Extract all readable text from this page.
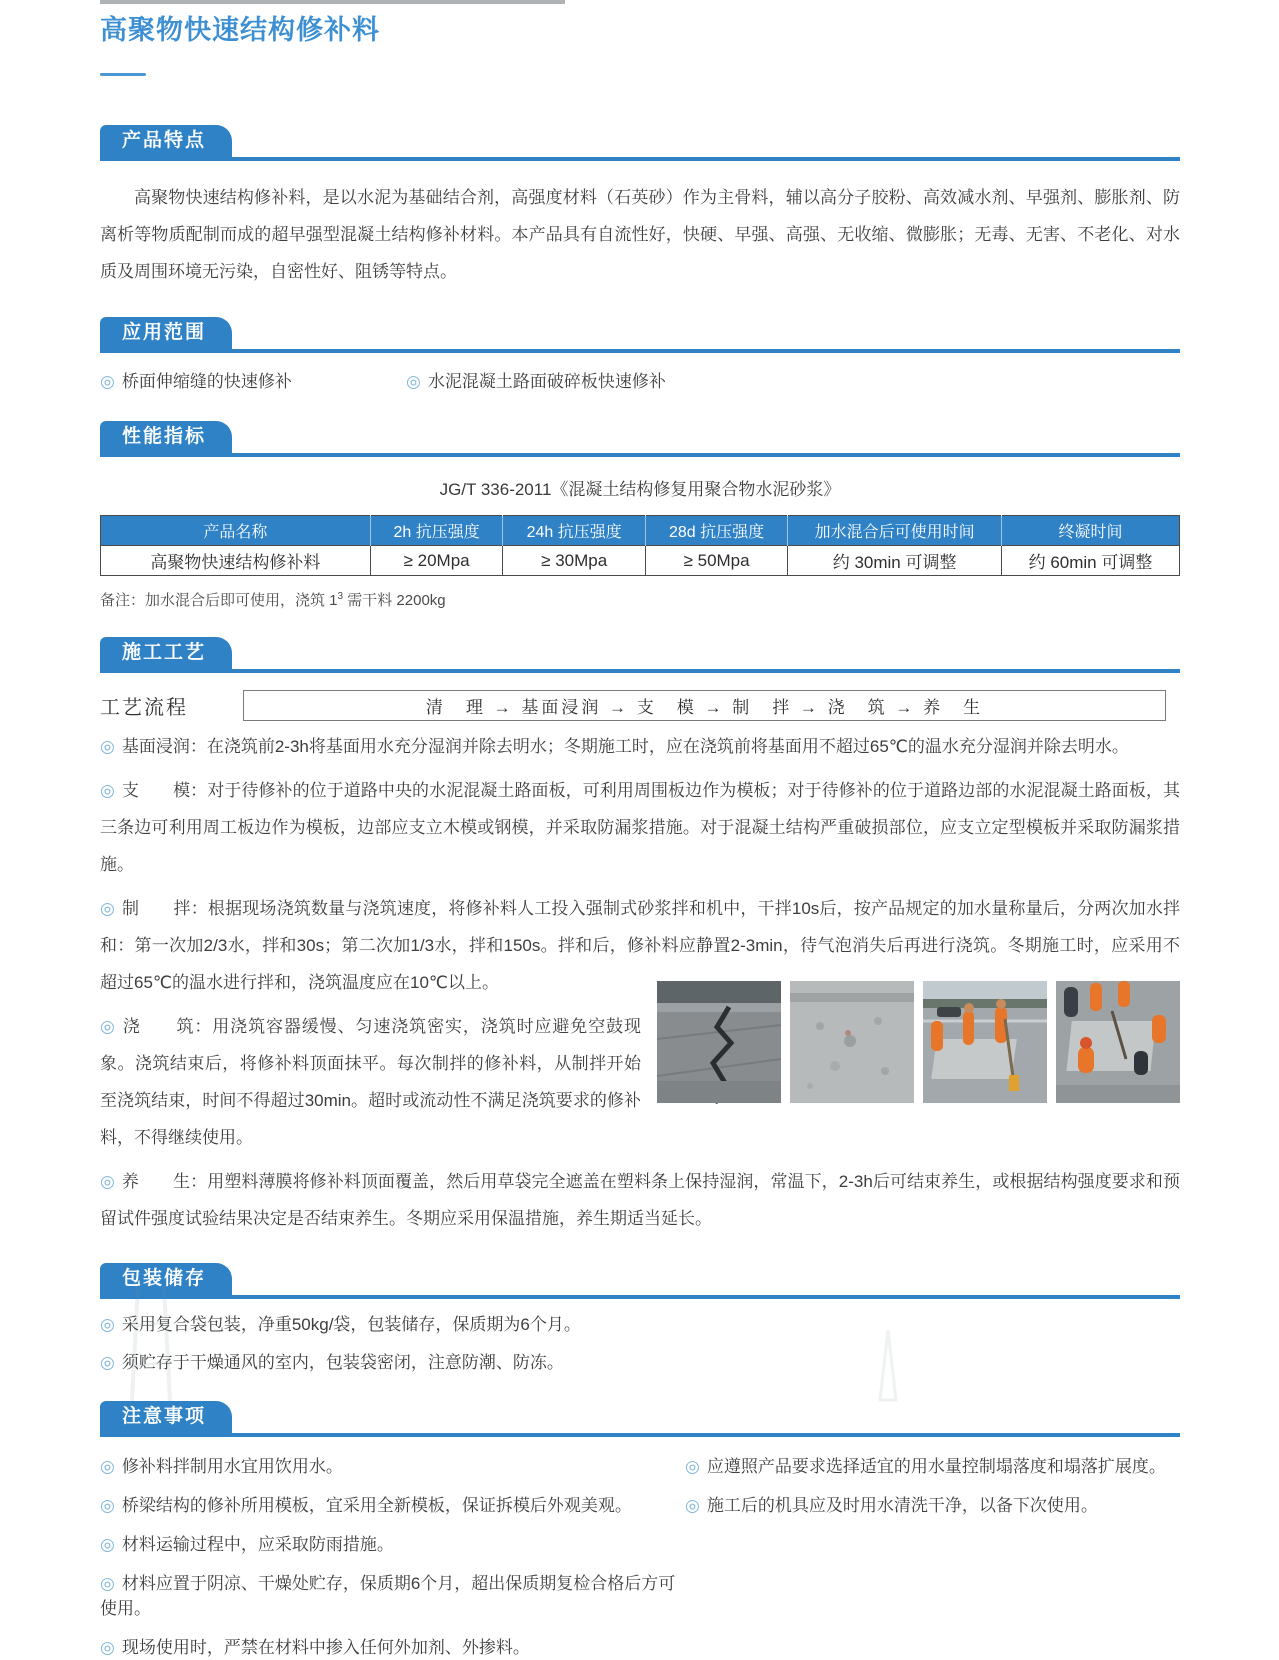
高聚物快速结构修补料
产品特点

高聚物快速结构修补料，是以水泥为基础结合剂，高强度材料（石英砂）作为主骨料，辅以高分子胶粉、高效减水剂、早强剂、膨胀剂、防离析等物质配制而成的超早强型混凝土结构修补材料。本产品具有自流性好，快硬、早强、高强、无收缩、微膨胀；无毒、无害、不老化、对水质及周围环境无污染，自密性好、阻锈等特点。

应用范围
◎ 桥面伸缩缝的快速修补	◎ 水泥混凝土路面破碎板快速修补
性能指标
JG/T 336-2011《混凝土结构修复用聚合物水泥砂浆》
产品名称	2h 抗压强度	24h 抗压强度	28d 抗压强度	加水混合后可使用时间	终凝时间
高聚物快速结构修补料	≥ 20Mpa	≥ 30Mpa	≥ 50Mpa	约 30min 可调整	约 60min 可调整
备注：加水混合后即可使用，浇筑 $1^3$ 需干料 2200kg
施工工艺
工艺流程	清　理 → 基面浸润 → 支　模 → 制　拌 → 浇　筑 → 养　生

◎ 基面浸润：在浇筑前2-3h将基面用水充分湿润并除去明水；冬期施工时，应在浇筑前将基面用不超过65℃的温水充分湿润并除去明水。

◎ 支　　模：对于待修补的位于道路中央的水泥混凝土路面板，可利用周围板边作为模板；对于待修补的位于道路边部的水泥混凝土路面板，其三条边可利用周工板边作为模板，边部应支立木模或钢模，并采取防漏浆措施。对于混凝土结构严重破损部位，应支立定型模板并采取防漏浆措施。

◎ 制　　拌：根据现场浇筑数量与浇筑速度，将修补料人工投入强制式砂浆拌和机中，干拌10s后，按产品规定的加水量称量后，分两次加水拌和：第一次加2/3水，拌和30s；第二次加1/3水，拌和150s。拌和后，修补料应静置2-3min，待气泡消失后再进行浇筑。冬期施工时，应采用不超过65℃的温水进行拌和，浇筑温度应在10℃以上。

◎ 浇　　筑：用浇筑容器缓慢、匀速浇筑密实，浇筑时应避免空鼓现象。浇筑结束后，将修补料顶面抹平。每次制拌的修补料，从制拌开始至浇筑结束，时间不得超过30min。超时或流动性不满足浇筑要求的修补料，不得继续使用。

◎ 养　　生：用塑料薄膜将修补料顶面覆盖，然后用草袋完全遮盖在塑料条上保持湿润，常温下，2-3h后可结束养生，或根据结构强度要求和预留试件强度试验结果决定是否结束养生。冬期应采用保温措施，养生期适当延长。

包装储存
◎ 采用复合袋包装，净重50kg/袋，包装储存，保质期为6个月。
◎ 须贮存于干燥通风的室内，包装袋密闭，注意防潮、防冻。
注意事项
◎ 修补料拌制用水宜用饮用水。	◎ 应遵照产品要求选择适宜的用水量控制塌落度和塌落扩展度。
◎ 桥梁结构的修补所用模板，宜采用全新模板，保证拆模后外观美观。	◎ 施工后的机具应及时用水清洗干净，以备下次使用。
◎ 材料运输过程中，应采取防雨措施。
◎ 材料应置于阴凉、干燥处贮存，保质期6个月，超出保质期复检合格后方可使用。
◎ 现场使用时，严禁在材料中掺入任何外加剂、外掺料。
